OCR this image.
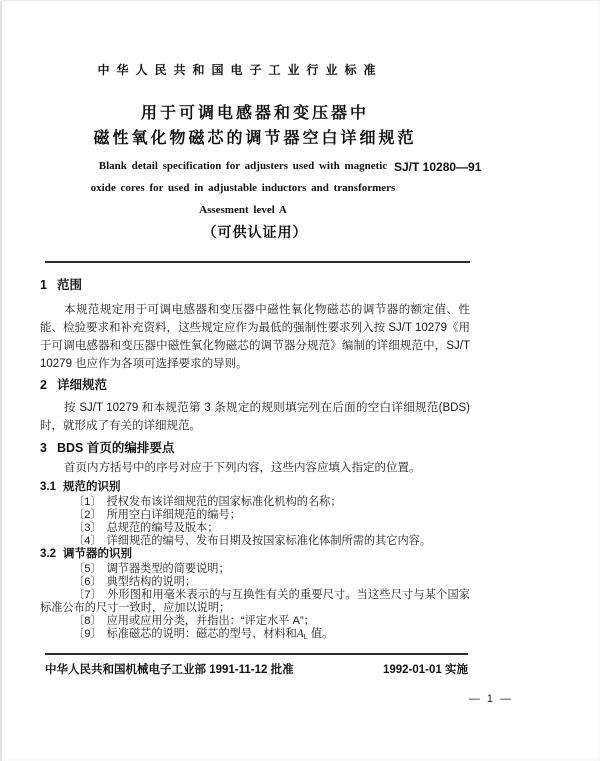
中华人民共和国电子工业行业标准
用于可调电感器和变压器中
磁性氧化物磁芯的调节器空白详细规范
Blank detail specification for adjusters used with magnetic
oxide cores for used in adjustable inductors and transformers
Assesment level A
SJ/T 10280—91
（可供认证用）
1 范围
本规范规定用于可调电感器和变压器中磁性氧化物磁芯的调节器的额定值、性能、检验要求和补充资料，这些规定应作为最低的强制性要求列入按 SJ/T 10279《用于可调电感器和变压器中磁性氧化物磁芯的调节器分规范》编制的详细规范中，SJ/T 10279 也应作为各项可选择要求的导则。
2 详细规范
按 SJ/T 10279 和本规范第 3 条规定的规则填完列在后面的空白详细规范(BDS)时，就形成了有关的详细规范。
3 BDS 首页的编排要点
首页内方括号中的序号对应于下列内容，这些内容应填入指定的位置。
3.1 规范的识别
〔1〕 授权发布该详细规范的国家标准化机构的名称；
〔2〕 所用空白详细规范的编号；
〔3〕 总规范的编号及版本；
〔4〕 详细规范的编号、发布日期及按国家标准化体制所需的其它内容。
3.2 调节器的识别
〔5〕 调节器类型的简要说明；
〔6〕 典型结构的说明；
〔7〕 外形图和用毫米表示的与互换性有关的重要尺寸。当这些尺寸与某个国家标准公布的尺寸一致时，应加以说明；
〔8〕 应用或应用分类，并指出：“评定水平 A”；
〔9〕 标准磁芯的说明：磁芯的型号、材料和AL 值。
中华人民共和国机械电子工业部 1991-11-12 批准	1992-01-01 实施
— 1 —
